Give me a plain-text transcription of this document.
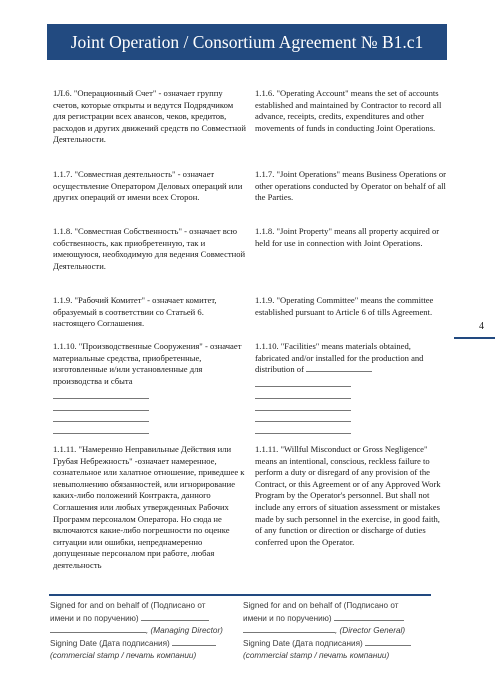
Joint Operation / Consortium Agreement № B1.c1
4
1Л.6. "Операционный Счет" - означает группу счетов, которые открыты и ведутся Подрядчиком для регистрации всех авансов, чеков, кредитов, расходов и других движений средств по Совместной Деятельности.
1.1.6. "Operating Account" means the set of accounts established and maintained by Contractor to record all advance, receipts, credits, expenditures and other movements of funds in conducting Joint Operations.
1.1.7. "Совместная деятельность" - означает осуществление Оператором Деловых операций или других операций от имени всех Сторон.
1.1.7. "Joint Operations" means Business Operations or other operations conducted by Operator on behalf of all the Parties.
1.1.8. "Совместная Собственность" - означает всю собственность, как приобретенную, так и имеющуюся, необходимую для ведения Совместной Деятельности.
1.1.8. "Joint Property" means all property acquired or held for use in connection with Joint Operations.
1.1.9. "Рабочий Комитет" - означает комитет, образуемый в соответствии со Статьей 6. настоящего Соглашения.
1.1.9. "Operating Committee" means the committee established pursuant to Article 6 of tills Agreement.
1.1.10. "Производственные Сооружения" - означает материальные средства, приобретенные, изготовленные и/или установленные для производства и сбыта
1.1.10. "Facilities" means materials obtained, fabricated and/or installed for the production and distribution of
1.1.11. "Намеренно Неправильные Действия или Грубая Небрежность" -означает намеренное, сознательное или халатное отношение, приведшее к невыполнению обязанностей, или игнорирование каких-либо положений Контракта, данного Соглашения или любых утвержденных Рабочих Программ персоналом Оператора. Но сюда не включаются какие-либо погрешности по оценке ситуации или ошибки, непреднамеренно допущенные персоналом при работе, любая деятельность
1.1.11. "Willful Misconduct or Gross Negligence" means an intentional, conscious, reckless failure to perform a duty or disregard of any provision of the Contract, or this Agreement or of any Approved Work Program by the Operator's personnel. But shall not include any errors of situation assessment or mistakes made by such personnel in the exercise, in good faith, of any function or direction or discharge of duties conferred upon the Operator.
Signed for and on behalf of (Подписано от
имени и по поручению)
, (Managing Director)
Signing Date (Дата подписания)
(commercial stamp / печать компании)
Signed for and on behalf of (Подписано от
имени и по поручению)
, (Director General)
Signing Date (Дата подписания)
(commercial stamp / печать компании)
